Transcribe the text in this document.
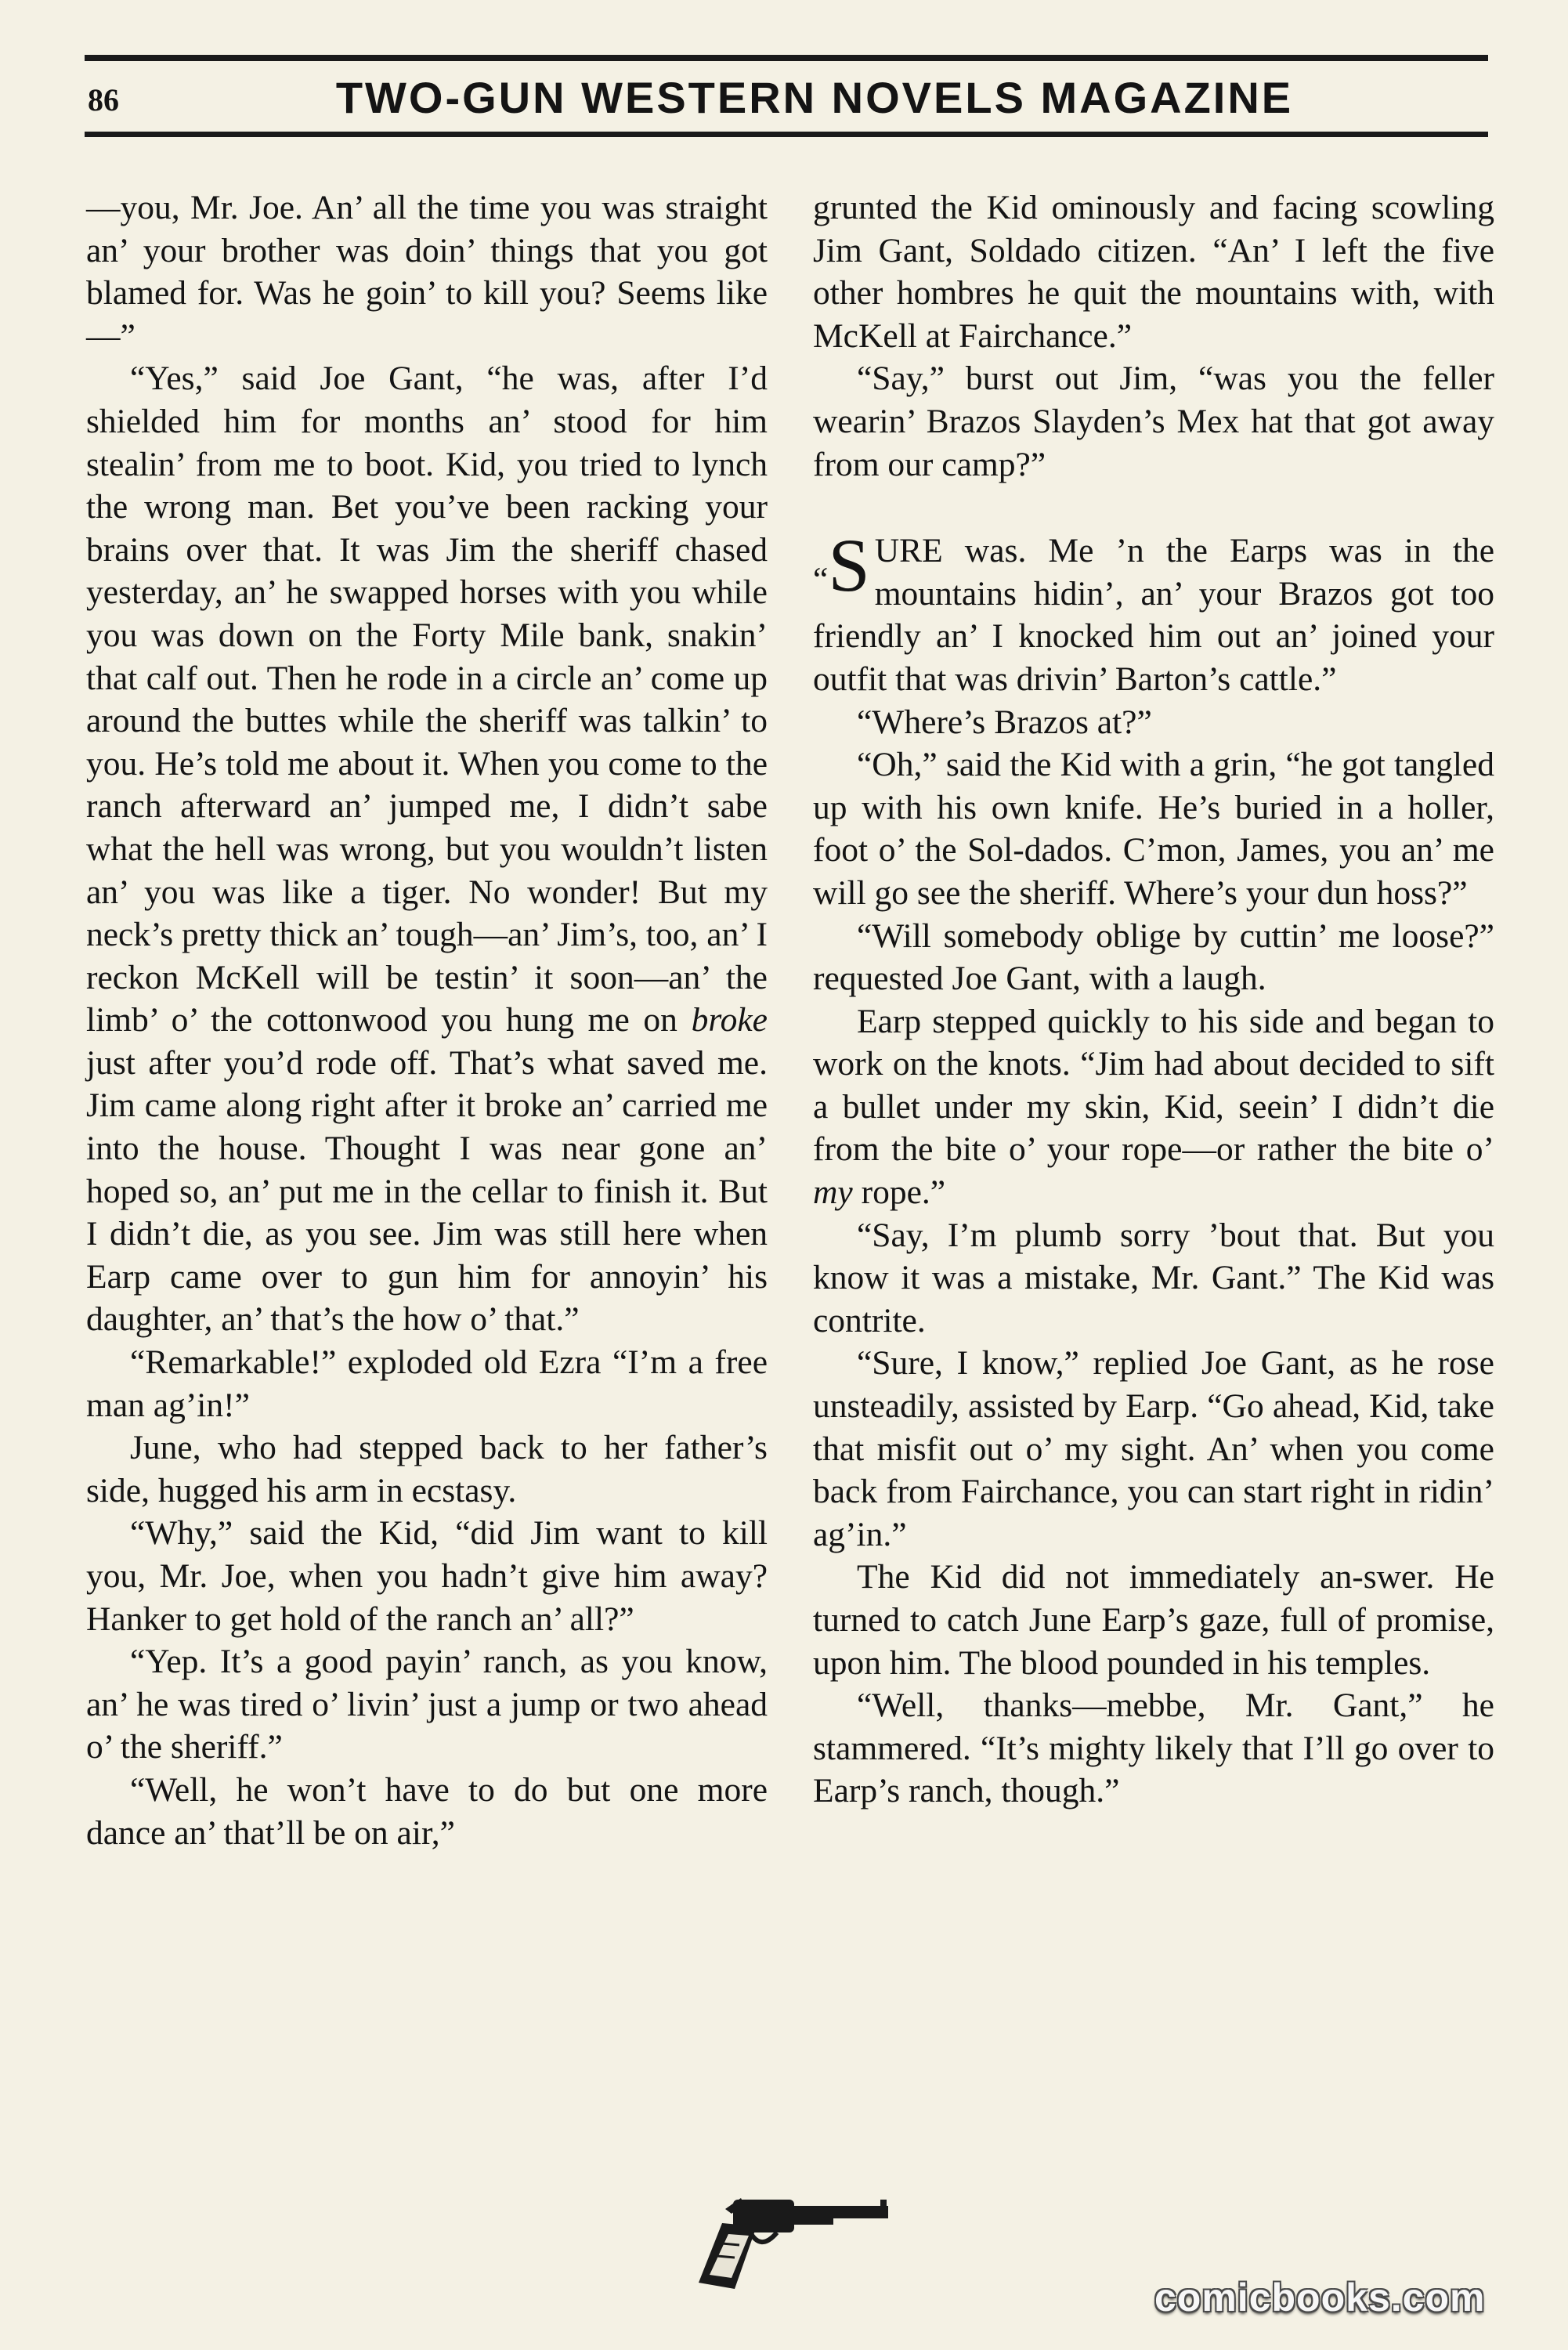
86	TWO-GUN WESTERN NOVELS MAGAZINE

—you, Mr. Joe. An’ all the time you was straight an’ your brother was doin’ things that you got blamed for. Was he goin’ to kill you? Seems like—”

“Yes,” said Joe Gant, “he was, after I’d shielded him for months an’ stood for him stealin’ from me to boot. Kid, you tried to lynch the wrong man. Bet you’ve been racking your brains over that. It was Jim the sheriff chased yesterday, an’ he swapped horses with you while you was down on the Forty Mile bank, snakin’ that calf out. Then he rode in a circle an’ come up around the buttes while the sheriff was talkin’ to you. He’s told me about it. When you come to the ranch afterward an’ jumped me, I didn’t sabe what the hell was wrong, but you wouldn’t listen an’ you was like a tiger. No wonder! But my neck’s pretty thick an’ tough—an’ Jim’s, too, an’ I reckon McKell will be testin’ it soon—an’ the limb’ o’ the cottonwood you hung me on broke just after you’d rode off. That’s what saved me. Jim came along right after it broke an’ carried me into the house. Thought I was near gone an’ hoped so, an’ put me in the cellar to finish it. But I didn’t die, as you see. Jim was still here when Earp came over to gun him for annoyin’ his daughter, an’ that’s the how o’ that.”

“Remarkable!” exploded old Ezra “I’m a free man ag’in!”

June, who had stepped back to her father’s side, hugged his arm in ecstasy.

“Why,” said the Kid, “did Jim want to kill you, Mr. Joe, when you hadn’t give him away? Hanker to get hold of the ranch an’ all?”

“Yep. It’s a good payin’ ranch, as you know, an’ he was tired o’ livin’ just a jump or two ahead o’ the sheriff.”

“Well, he won’t have to do but one more dance an’ that’ll be on air,”

grunted the Kid ominously and facing scowling Jim Gant, Soldado citizen. “An’ I left the five other hombres he quit the mountains with, with McKell at Fairchance.”

“Say,” burst out Jim, “was you the feller wearin’ Brazos Slayden’s Mex hat that got away from our camp?”

“S URE was. Me ’n the Earps was in the mountains hidin’, an’ your Brazos got too friendly an’ I knocked him out an’ joined your outfit that was drivin’ Barton’s cattle.”

“Where’s Brazos at?”

“Oh,” said the Kid with a grin, “he got tangled up with his own knife. He’s buried in a holler, foot o’ the Sol-dados. C’mon, James, you an’ me will go see the sheriff. Where’s your dun hoss?”

“Will somebody oblige by cuttin’ me loose?” requested Joe Gant, with a laugh.

Earp stepped quickly to his side and began to work on the knots. “Jim had about decided to sift a bullet under my skin, Kid, seein’ I didn’t die from the bite o’ your rope—or rather the bite o’ my rope.”

“Say, I’m plumb sorry ’bout that. But you know it was a mistake, Mr. Gant.” The Kid was contrite.

“Sure, I know,” replied Joe Gant, as he rose unsteadily, assisted by Earp. “Go ahead, Kid, take that misfit out o’ my sight. An’ when you come back from Fairchance, you can start right in ridin’ ag’in.”

The Kid did not immediately an-swer. He turned to catch June Earp’s gaze, full of promise, upon him. The blood pounded in his temples.

“Well, thanks—mebbe, Mr. Gant,” he stammered. “It’s mighty likely that I’ll go over to Earp’s ranch, though.”

comicbooks.com
